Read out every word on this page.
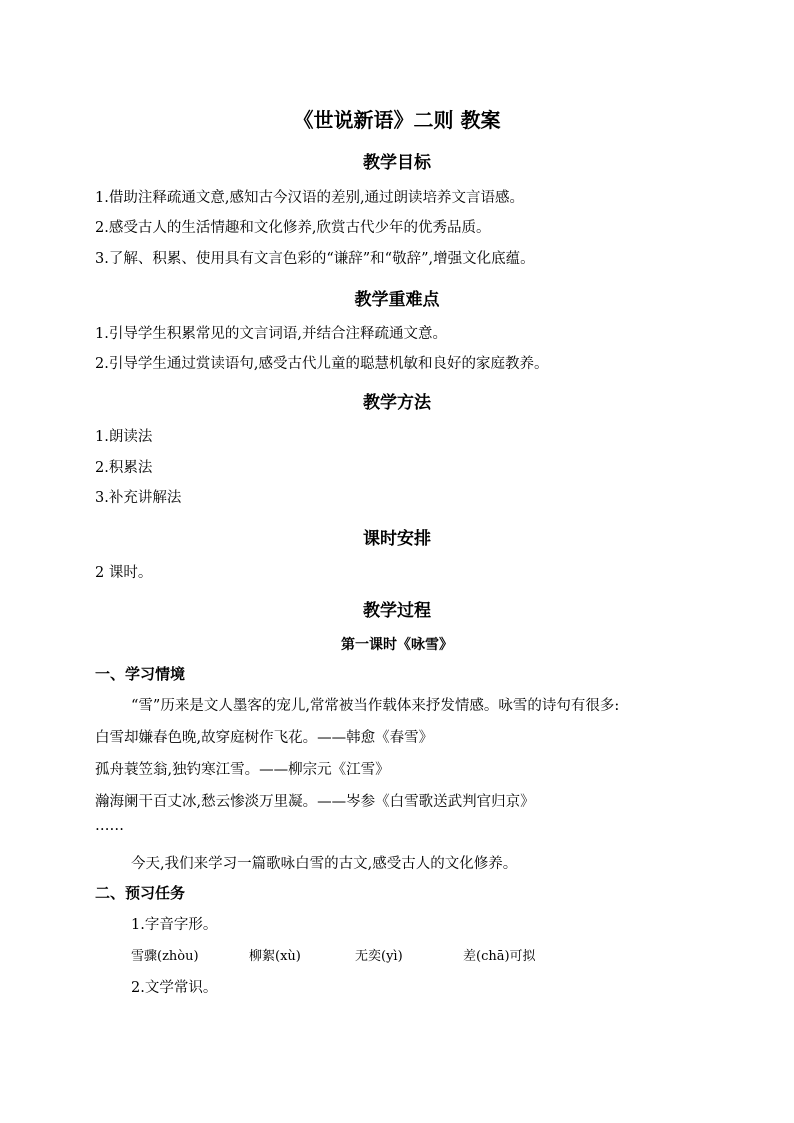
《世说新语》二则 教案
教学目标
1.借助注释疏通文意,感知古今汉语的差别,通过朗读培养文言语感。
2.感受古人的生活情趣和文化修养,欣赏古代少年的优秀品质。
3.了解、积累、使用具有文言色彩的“谦辞”和“敬辞”,增强文化底蕴。
教学重难点
1.引导学生积累常见的文言词语,并结合注释疏通文意。
2.引导学生通过赏读语句,感受古代儿童的聪慧机敏和良好的家庭教养。
教学方法
1.朗读法
2.积累法
3.补充讲解法
课时安排
2 课时。
教学过程
第一课时《咏雪》
一、学习情境
“雪”历来是文人墨客的宠儿,常常被当作载体来抒发情感。咏雪的诗句有很多:
白雪却嫌春色晚,故穿庭树作飞花。——韩愈《春雪》
孤舟蓑笠翁,独钓寒江雪。——柳宗元《江雪》
瀚海阑干百丈冰,愁云惨淡万里凝。——岑参《白雪歌送武判官归京》
……
今天,我们来学习一篇歌咏白雪的古文,感受古人的文化修养。
二、预习任务
1.字音字形。
雪骤(zhòu)	柳絮(xù)	无奕(yì)	差(chā)可拟
2.文学常识。
